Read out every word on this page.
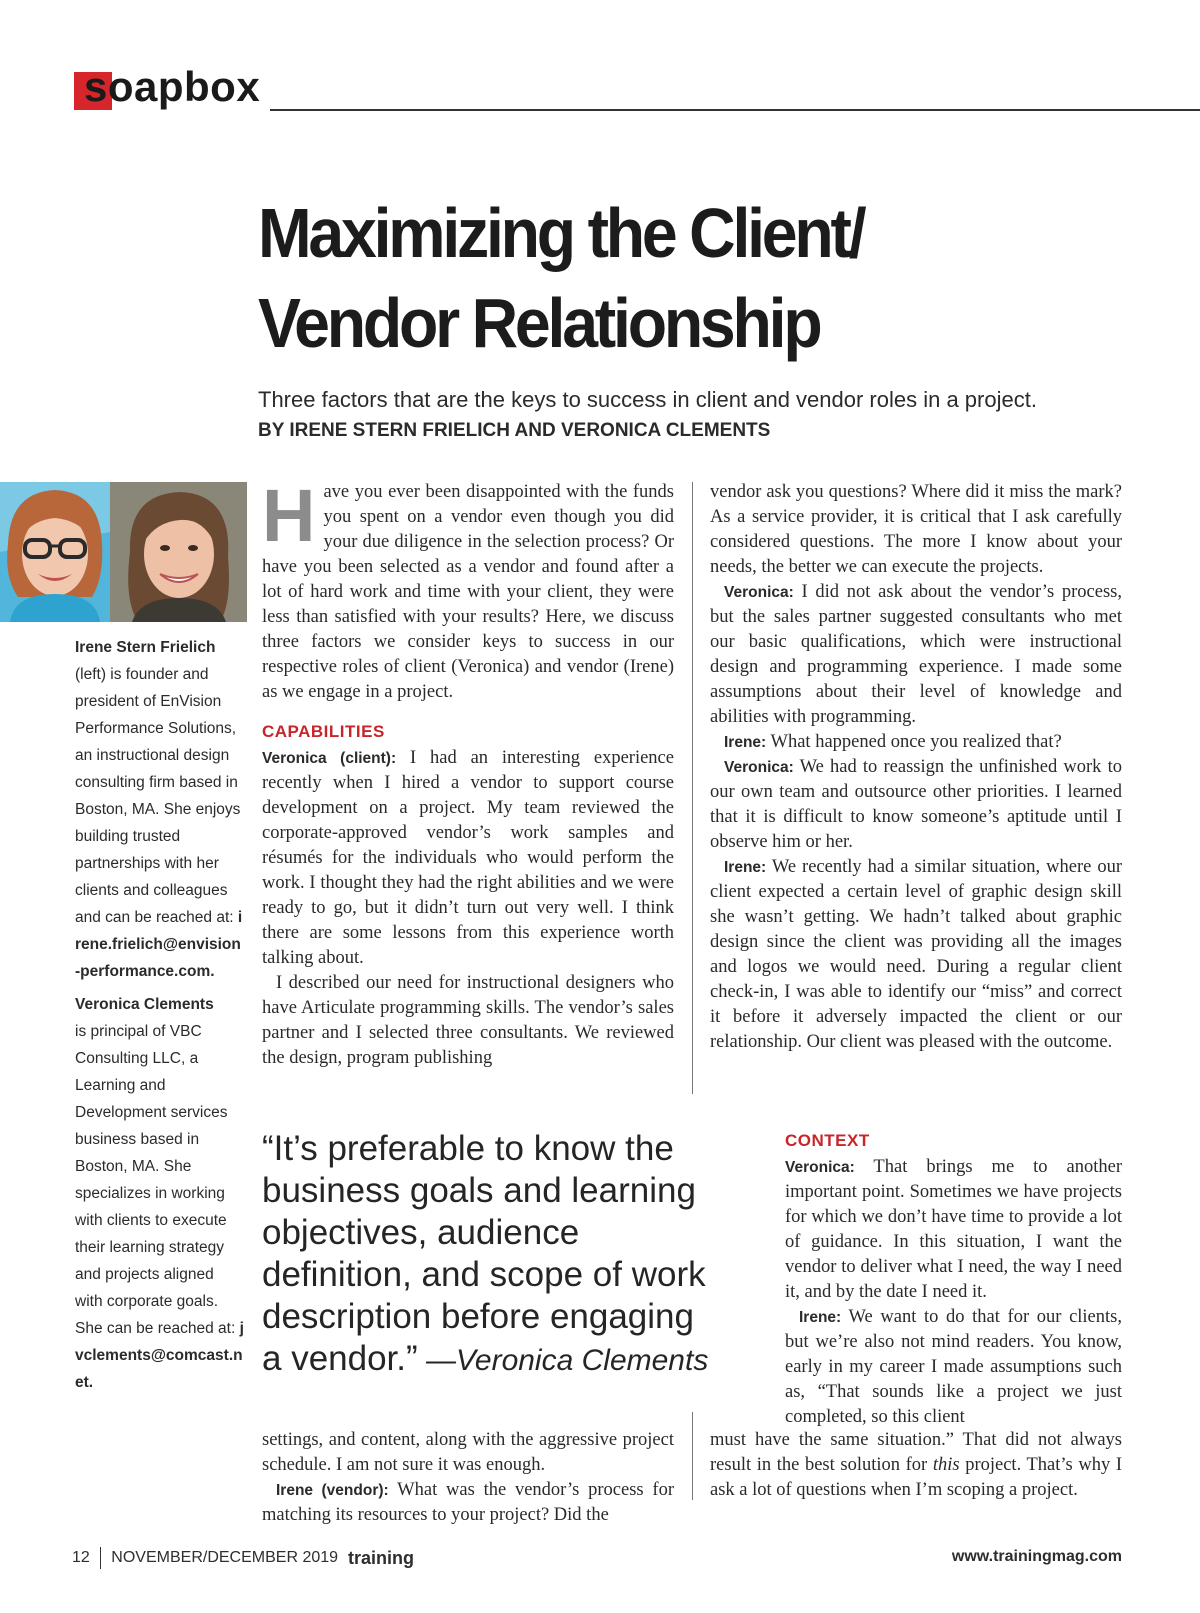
soapbox
Maximizing the Client/
Vendor Relationship
Three factors that are the keys to success in client and vendor roles in a project. BY IRENE STERN FRIELICH AND VERONICA CLEMENTS

Irene Stern Frielich
(left) is founder and president of EnVision Performance Solutions, an instructional design consulting firm based in Boston, MA. She enjoys building trusted partnerships with her clients and colleagues and can be reached at: irene.frielich@envision-performance.com.

Veronica Clements
is principal of VBC Consulting LLC, a Learning and Development services business based in Boston, MA. She specializes in working with clients to execute their learning strategy and projects aligned with corporate goals. She can be reached at: jvclements@comcast.net.

Have you ever been disappointed with the funds you spent on a vendor even though you did your due diligence in the selection process? Or have you been selected as a vendor and found after a lot of hard work and time with your client, they were less than satisfied with your results? Here, we discuss three factors we consider keys to success in our respective roles of client (Veronica) and vendor (Irene) as we engage in a project.

CAPABILITIES

Veronica (client): I had an interesting experience recently when I hired a vendor to support course development on a project. My team reviewed the corporate-approved vendor’s work samples and résumés for the individuals who would perform the work. I thought they had the right abilities and we were ready to go, but it didn’t turn out very well. I think there are some lessons from this experience worth talking about.

I described our need for instructional designers who have Articulate programming skills. The vendor’s sales partner and I selected three consultants. We reviewed the design, program publishing

vendor ask you questions? Where did it miss the mark? As a service provider, it is critical that I ask carefully considered questions. The more I know about your needs, the better we can execute the projects.

Veronica: I did not ask about the vendor’s process, but the sales partner suggested consultants who met our basic qualifications, which were instructional design and programming experience. I made some assumptions about their level of knowledge and abilities with programming.

Irene: What happened once you realized that?

Veronica: We had to reassign the unfinished work to our own team and outsource other priorities. I learned that it is difficult to know someone’s aptitude until I observe him or her.

Irene: We recently had a similar situation, where our client expected a certain level of graphic design skill she wasn’t getting. We hadn’t talked about graphic design since the client was providing all the images and logos we would need. During a regular client check-in, I was able to identify our “miss” and correct it before it adversely impacted the client or our relationship. Our client was pleased with the outcome.

“It’s preferable to know the business goals and learning objectives, audience definition, and scope of work description before engaging a vendor.” —Veronica Clements
CONTEXT

Veronica: That brings me to another important point. Sometimes we have projects for which we don’t have time to provide a lot of guidance. In this situation, I want the vendor to deliver what I need, the way I need it, and by the date I need it.

Irene: We want to do that for our clients, but we’re also not mind readers. You know, early in my career I made assumptions such as, “That sounds like a project we just completed, so this client

settings, and content, along with the aggressive project schedule. I am not sure it was enough.

Irene (vendor): What was the vendor’s process for matching its resources to your project? Did the

must have the same situation.” That did not always result in the best solution for this project. That’s why I ask a lot of questions when I’m scoping a project.

12 NOVEMBER/DECEMBER 2019 training	www.trainingmag.com
